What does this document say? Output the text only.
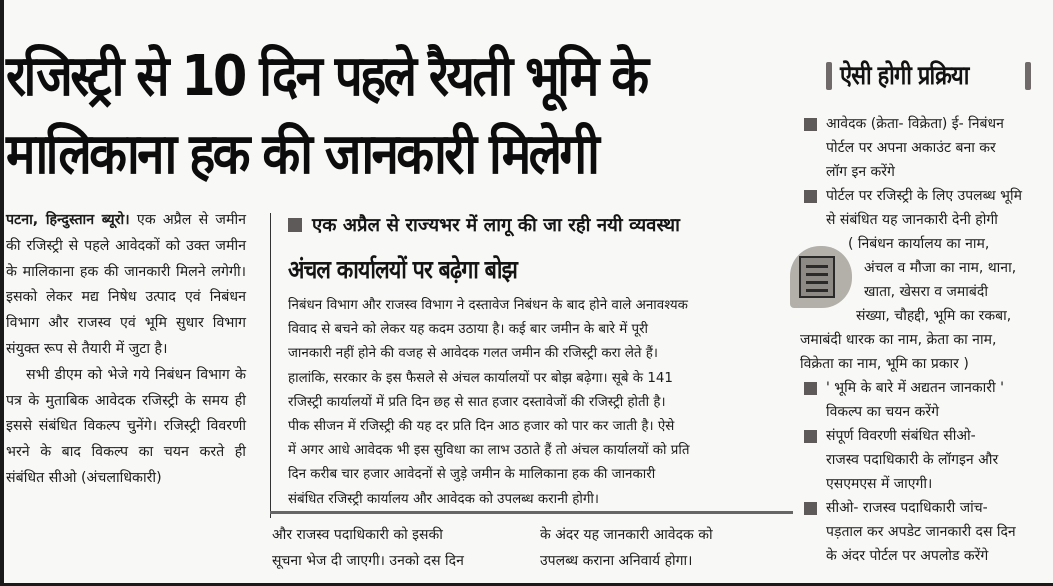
रजिस्ट्री से 10 दिन पहले रैयती भूमि के
मालिकाना हक की जानकारी मिलेगी

पटना, हिन्दुस्तान ब्यूरो। एक अप्रैल से जमीन की रजिस्ट्री से पहले आवेदकों को उक्त जमीन के मालिकाना हक की जानकारी मिलने लगेगी। इसको लेकर मद्य निषेध उत्पाद एवं निबंधन विभाग और राजस्व एवं भूमि सुधार विभाग संयुक्त रूप से तैयारी में जुटा है।

सभी डीएम को भेजे गये निबंधन विभाग के पत्र के मुताबिक आवेदक रजिस्ट्री के समय ही इससे संबंधित विकल्प चुनेंगे। रजिस्ट्री विवरणी भरने के बाद विकल्प का चयन करते ही संबंधित सीओ (अंचलाधिकारी)

एक अप्रैल से राज्यभर में लागू की जा रही नयी व्यवस्था
अंचल कार्यालयों पर बढ़ेगा बोझ
निबंधन विभाग और राजस्व विभाग ने दस्तावेज निबंधन के बाद होने वाले अनावश्यक
विवाद से बचने को लेकर यह कदम उठाया है। कई बार जमीन के बारे में पूरी
जानकारी नहीं होने की वजह से आवेदक गलत जमीन की रजिस्ट्री करा लेते हैं।
हालांकि, सरकार के इस फैसले से अंचल कार्यालयों पर बोझ बढ़ेगा। सूबे के 141
रजिस्ट्री कार्यालयों में प्रति दिन छह से सात हजार दस्तावेजों की रजिस्ट्री होती है।
पीक सीजन में रजिस्ट्री की यह दर प्रति दिन आठ हजार को पार कर जाती है। ऐसे
में अगर आधे आवेदक भी इस सुविधा का लाभ उठाते हैं तो अंचल कार्यालयों को प्रति
दिन करीब चार हजार आवेदनों से जुड़े जमीन के मालिकाना हक की जानकारी
संबंधित रजिस्ट्री कार्यालय और आवेदक को उपलब्ध करानी होगी।
और राजस्व पदाधिकारी को इसकी
सूचना भेज दी जाएगी। उनको दस दिन
के अंदर यह जानकारी आवेदक को
उपलब्ध कराना अनिवार्य होगा।
ऐसी होगी प्रक्रिया
आवेदक (क्रेता- विक्रेता) ई- निबंधन
पोर्टल पर अपना अकाउंट बना कर
लॉग इन करेंगे
पोर्टल पर रजिस्ट्री के लिए उपलब्ध भूमि
से संबंधित यह जानकारी देनी होगी
( निबंधन कार्यालय का नाम,
अंचल व मौजा का नाम, थाना,
खाता, खेसरा व जमाबंदी
संख्या, चौहद्दी, भूमि का रकबा,
जमाबंदी धारक का नाम, क्रेता का नाम,
विक्रेता का नाम, भूमि का प्रकार )
' भूमि के बारे में अद्यतन जानकारी '
विकल्प का चयन करेंगे
संपूर्ण विवरणी संबंधित सीओ-
राजस्व पदाधिकारी के लॉगइन और
एसएमएस में जाएगी।
सीओ- राजस्व पदाधिकारी जांच-
पड़ताल कर अपडेट जानकारी दस दिन
के अंदर पोर्टल पर अपलोड करेंगे
